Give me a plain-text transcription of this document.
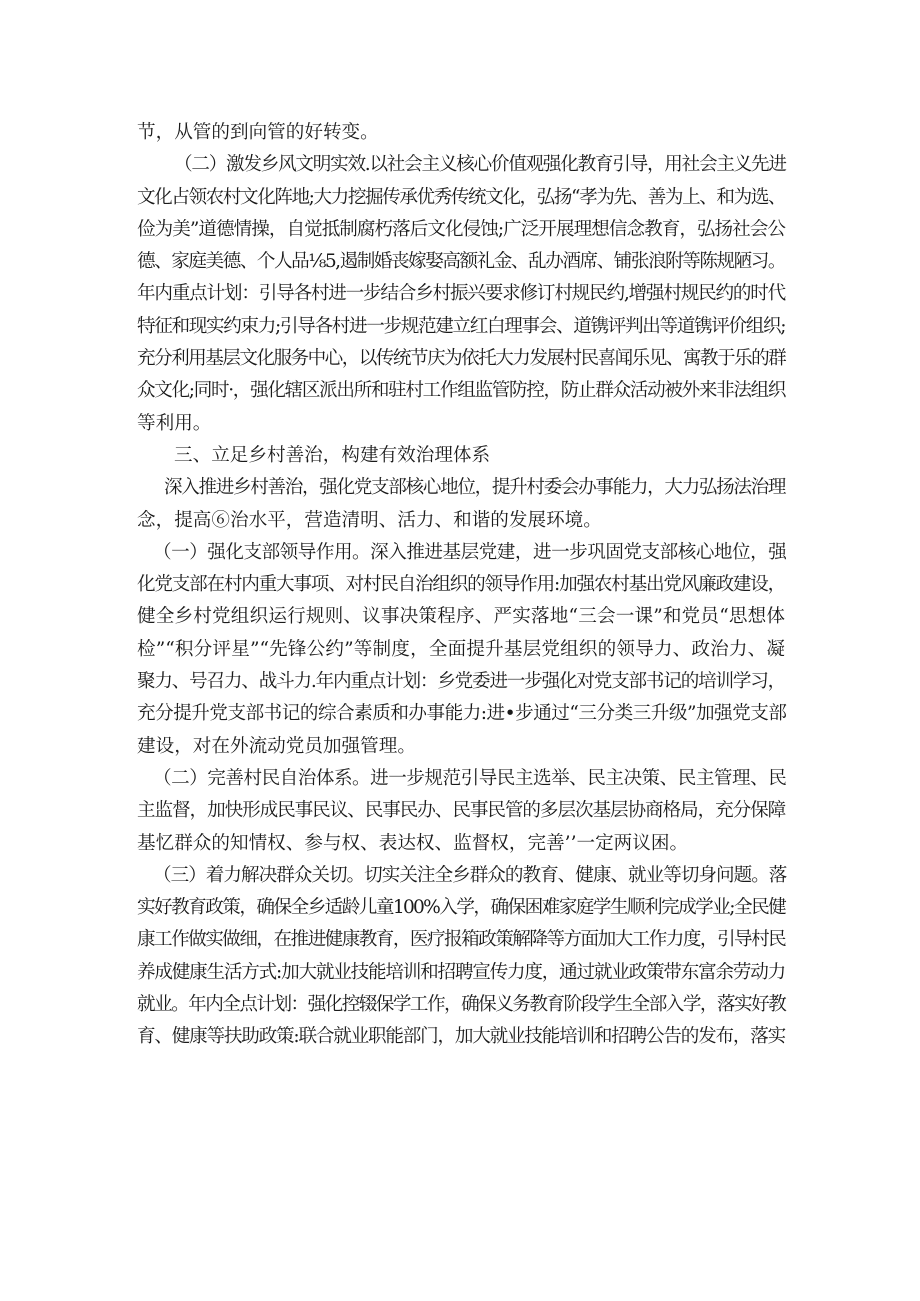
节，从管的到向管的好转变。
（二）激发乡风文明实效.以社会主义核心价值观强化教育引导，用社会主义先进
文化占领农村文化阵地;大力挖掘传承优秀传统文化，弘扬“孝为先、善为上、和为选、
俭为美”道德情操，自觉抵制腐朽落后文化侵蚀;广泛开展理想信念教育，弘扬社会公
德、家庭美德、个人品⅛5,遏制婚丧嫁娶高额礼金、乱办酒席、铺张浪附等陈规陋习。
年内重点计划：引导各村进一步结合乡村振兴要求修订村规民约,增强村规民约的时代
特征和现实约束力;引导各村进一步规范建立红白理事会、道镌评判出等道镌评价组织;
充分利用基层文化服务中心，以传统节庆为依托大力发展村民喜闻乐见、寓教于乐的群
众文化;同时·，强化辖区派出所和驻村工作组监管防控，防止群众活动被外来非法组织
等利用。
三、立足乡村善治，构建有效治理体系
深入推进乡村善治，强化党支部核心地位，提升村委会办事能力，大力弘扬法治理
念，提高⑥治水平，营造清明、活力、和谐的发展环境。
（一）强化支部领导作用。深入推进基层党建，进一步巩固党支部核心地位，强
化党支部在村内重大事项、对村民自治组织的领导作用:加强农村基出党风廉政建设，
健全乡村党组织运行规则、议事决策程序、严实落地“三会一课”和党员“思想体
检”“积分评星”“先锋公约”等制度，全面提升基层党组织的领导力、政治力、凝
聚力、号召力、战斗力.年内重点计划：乡党委进一步强化对党支部书记的培训学习，
充分提升党支部书记的综合素质和办事能力:进•步通过“三分类三升级”加强党支部
建设，对在外流动党员加强管理。
（二）完善村民自治体系。进一步规范引导民主选举、民主决策、民主管理、民
主监督，加快形成民事民议、民事民办、民事民管的多层次基层协商格局，充分保障
基忆群众的知情权、参与权、表达权、监督权，完善’’一定两议困。
（三）着力解决群众关切。切实关注全乡群众的教育、健康、就业等切身问题。落
实好教育政策，确保全乡适龄儿童100%入学，确保困难家庭学生顺利完成学业;全民健
康工作做实做细，在推进健康教育，医疗报箱政策解降等方面加大工作力度，引导村民
养成健康生活方式:加大就业技能培训和招聘宣传力度，通过就业政策带东富余劳动力
就业。年内全点计划：强化控辍保学工作，确保义务教育阶段学生全部入学，落实好教
育、健康等扶助政策:联合就业职能部门，加大就业技能培训和招聘公告的发布，落实
